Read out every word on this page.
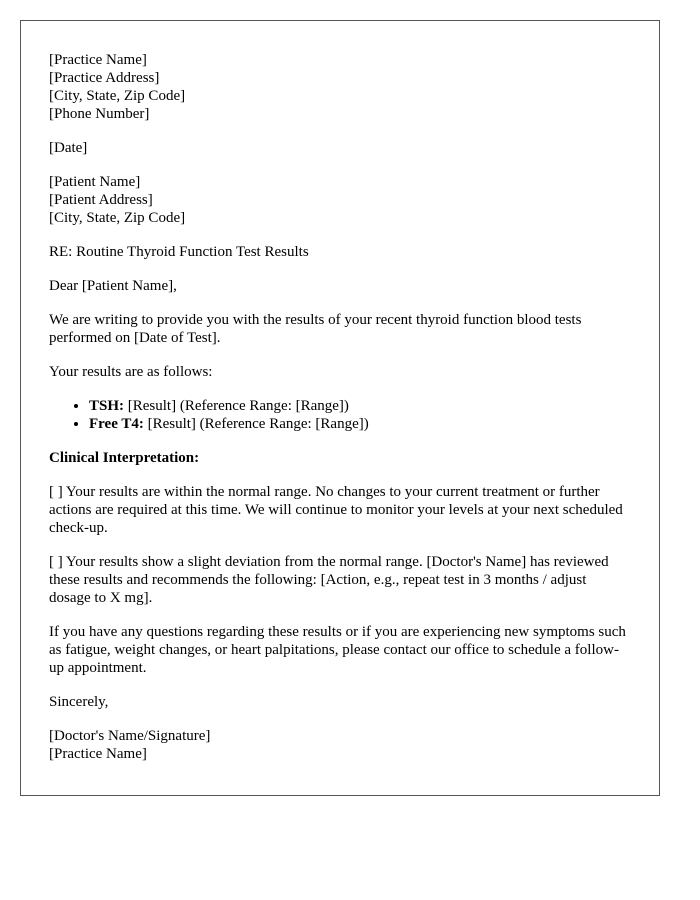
[Practice Name]
[Practice Address]
[City, State, Zip Code]
[Phone Number]

[Date]

[Patient Name]
[Patient Address]
[City, State, Zip Code]

RE: Routine Thyroid Function Test Results

Dear [Patient Name],

We are writing to provide you with the results of your recent thyroid function blood tests performed on [Date of Test].

Your results are as follows:

• TSH: [Result] (Reference Range: [Range])
• Free T4: [Result] (Reference Range: [Range])

Clinical Interpretation:

[ ] Your results are within the normal range. No changes to your current treatment or further actions are required at this time. We will continue to monitor your levels at your next scheduled check-up.

[ ] Your results show a slight deviation from the normal range. [Doctor's Name] has reviewed these results and recommends the following: [Action, e.g., repeat test in 3 months / adjust dosage to X mg].

If you have any questions regarding these results or if you are experiencing new symptoms such as fatigue, weight changes, or heart palpitations, please contact our office to schedule a follow-up appointment.

Sincerely,

[Doctor's Name/Signature]
[Practice Name]
